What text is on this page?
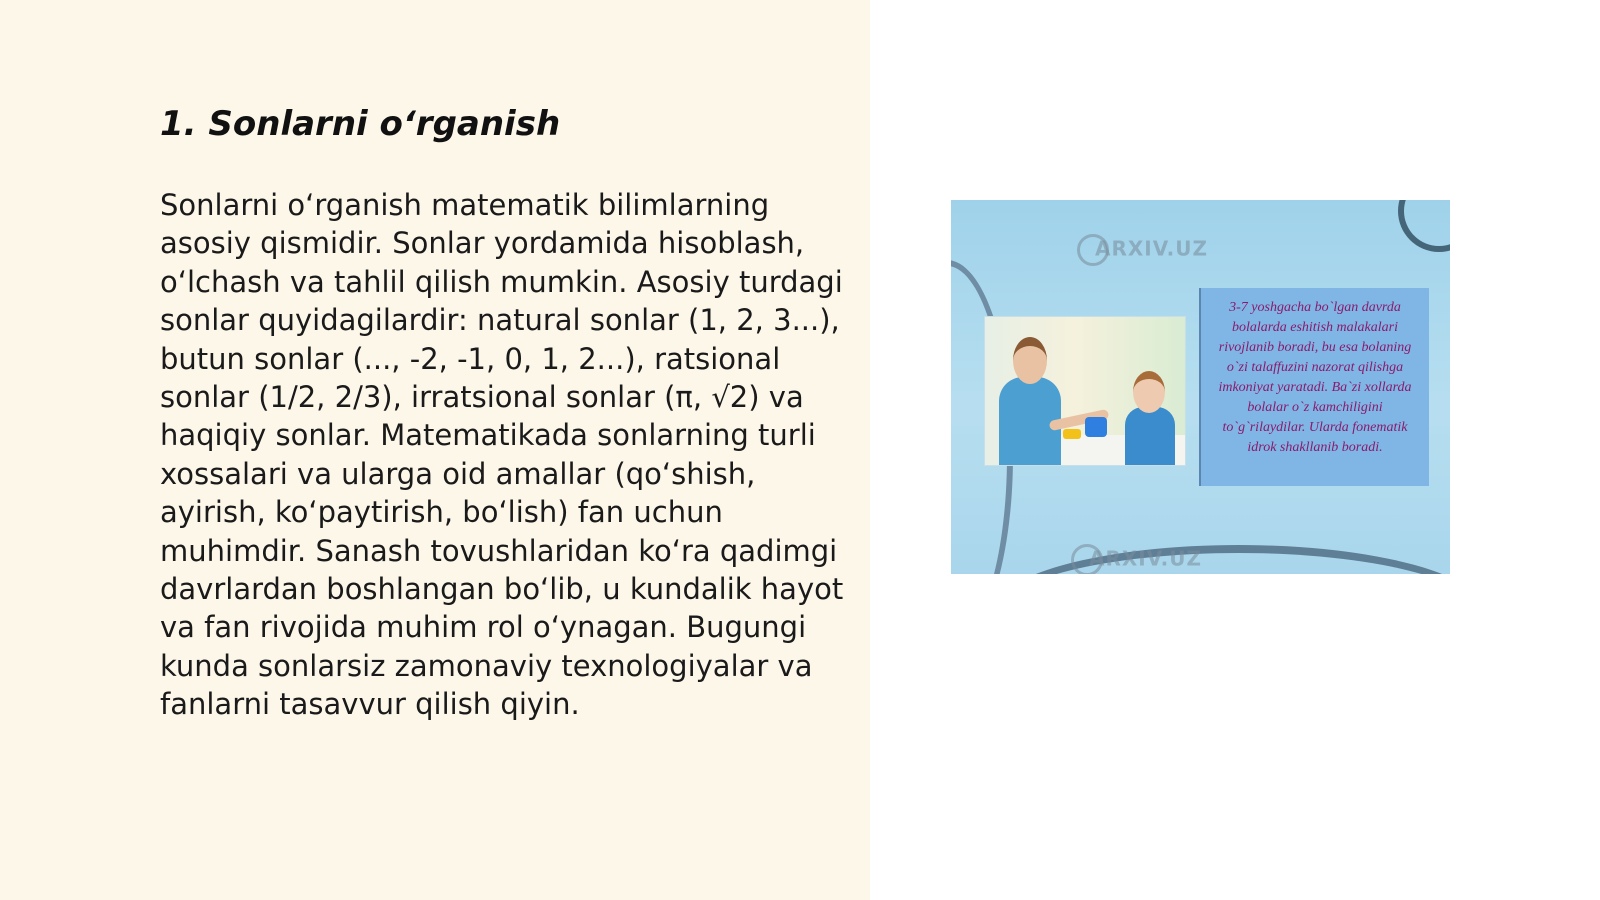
1. Sonlarni o‘rganish

Sonlarni o‘rganish matematik bilimlarning asosiy qismidir. Sonlar yordamida hisoblash, o‘lchash va tahlil qilish mumkin. Asosiy turdagi sonlar quyidagilardir: natural sonlar (1, 2, 3...), butun sonlar (..., -2, -1, 0, 1, 2...), ratsional sonlar (1/2, 2/3), irratsional sonlar (π, √2) va haqiqiy sonlar. Matematikada sonlarning turli xossalari va ularga oid amallar (qo‘shish, ayirish, ko‘paytirish, bo‘lish) fan uchun muhimdir. Sanash tovushlaridan ko‘ra qadimgi davrlardan boshlangan bo‘lib, u kundalik hayot va fan rivojida muhim rol o‘ynagan. Bugungi kunda sonlarsiz zamonaviy texnologiyalar va fanlarni tasavvur qilish qiyin.

ARXIV.UZ
ARXIV.UZ
3-7 yoshgacha bo`lgan davrda bolalarda eshitish malakalari rivojlanib boradi, bu esa bolaning o`zi talaffuzini nazorat qilishga imkoniyat yaratadi. Ba`zi xollarda bolalar o`z kamchiligini to`g`rilaydilar. Ularda fonematik idrok shakllanib boradi.
